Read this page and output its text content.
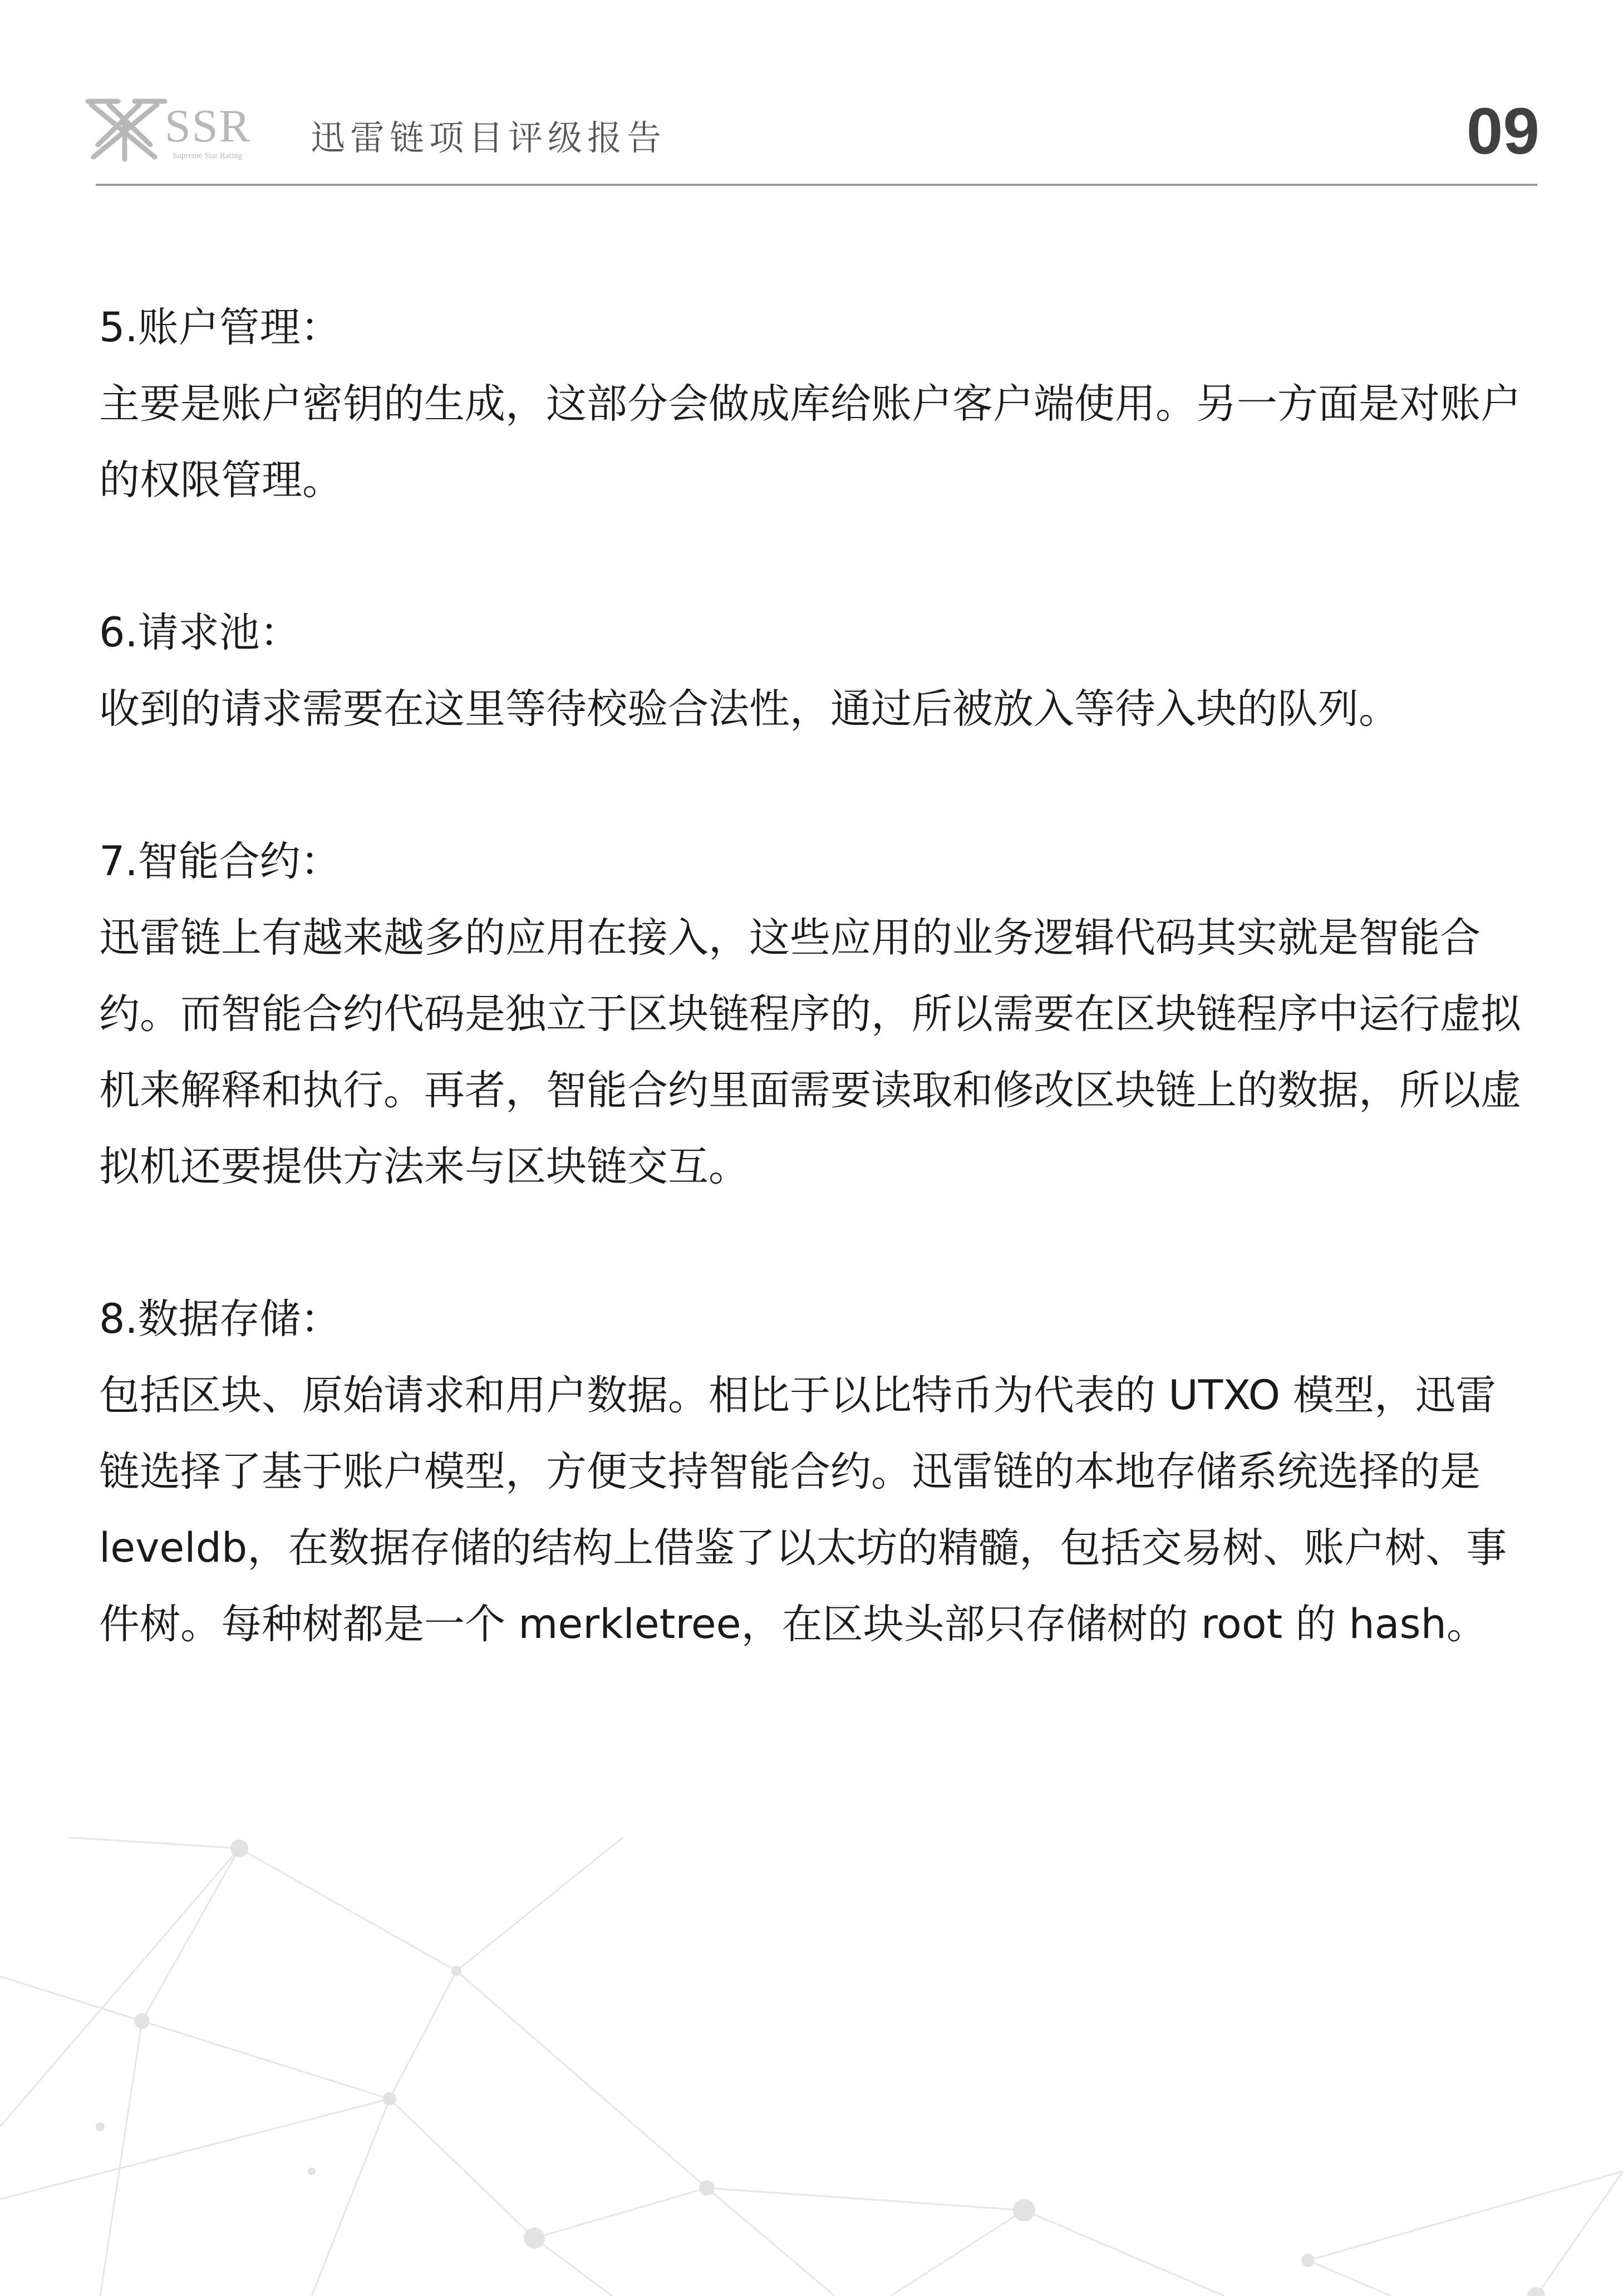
SSR
Supreme Star Rating 迅雷链项目评级报告	09

5.账户管理：

主要是账户密钥的生成，这部分会做成库给账户客户端使用。另一方面是对账户的权限管理。

6.请求池：

收到的请求需要在这里等待校验合法性，通过后被放入等待入块的队列。

7.智能合约：

迅雷链上有越来越多的应用在接入，这些应用的业务逻辑代码其实就是智能合约。而智能合约代码是独立于区块链程序的，所以需要在区块链程序中运行虚拟机来解释和执行。再者，智能合约里面需要读取和修改区块链上的数据，所以虚拟机还要提供方法来与区块链交互。

8.数据存储：

包括区块、原始请求和用户数据。相比于以比特币为代表的 UTXO 模型，迅雷链选择了基于账户模型，方便支持智能合约。迅雷链的本地存储系统选择的是 leveldb，在数据存储的结构上借鉴了以太坊的精髓，包括交易树、账户树、事件树。每种树都是一个 merkletree，在区块头部只存储树的 root 的 hash。
